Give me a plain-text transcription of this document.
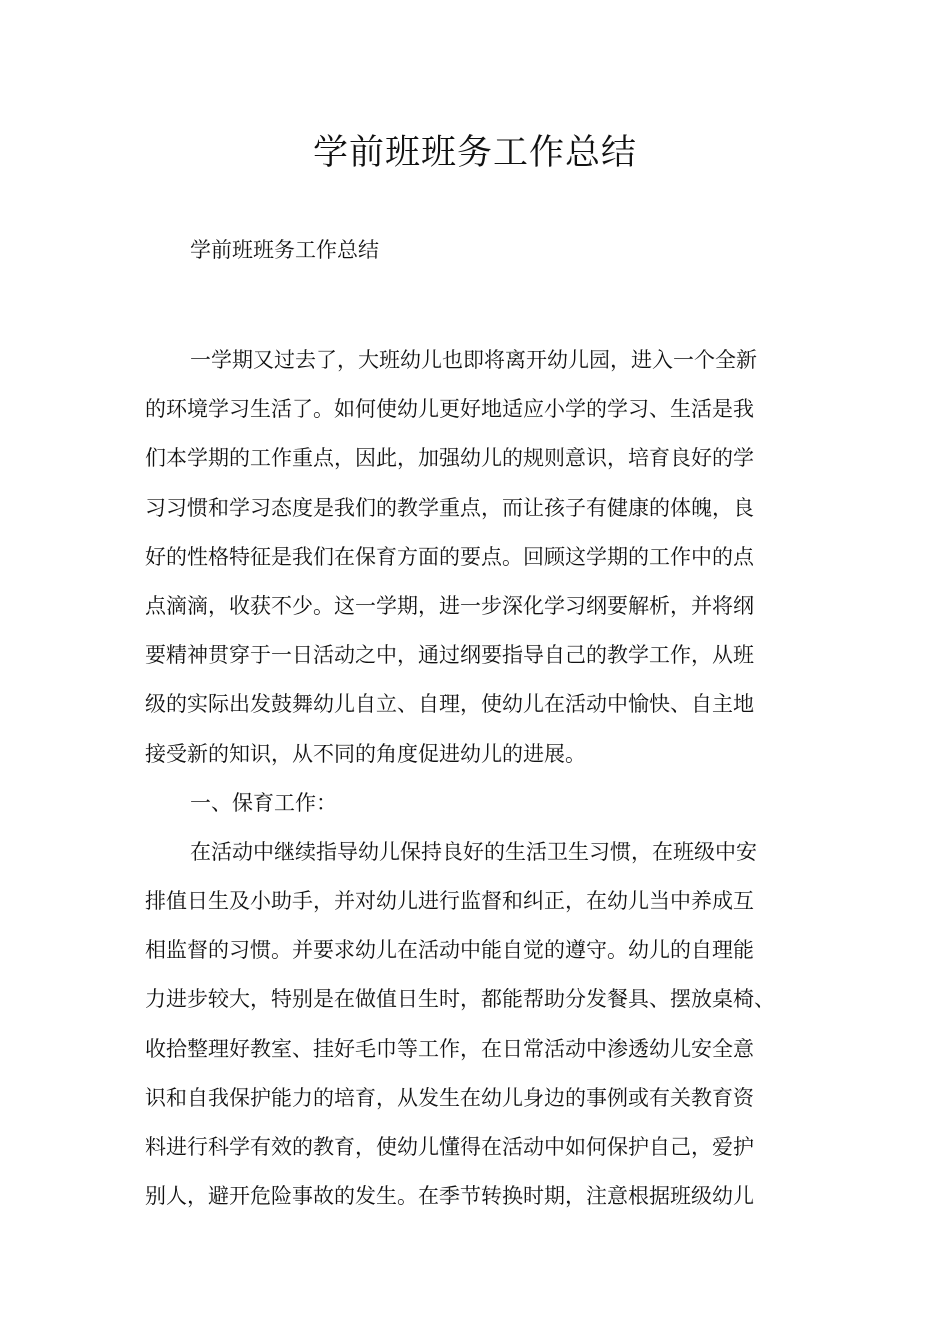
学前班班务工作总结

学前班班务工作总结

一学期又过去了，大班幼儿也即将离开幼儿园，进入一个全新
的环境学习生活了。如何使幼儿更好地适应小学的学习、生活是我
们本学期的工作重点，因此，加强幼儿的规则意识，培育良好的学
习习惯和学习态度是我们的教学重点，而让孩子有健康的体魄，良
好的性格特征是我们在保育方面的要点。回顾这学期的工作中的点
点滴滴，收获不少。这一学期，进一步深化学习纲要解析，并将纲
要精神贯穿于一日活动之中，通过纲要指导自己的教学工作，从班
级的实际出发鼓舞幼儿自立、自理，使幼儿在活动中愉快、自主地
接受新的知识，从不同的角度促进幼儿的进展。
一、保育工作：
在活动中继续指导幼儿保持良好的生活卫生习惯，在班级中安
排值日生及小助手，并对幼儿进行监督和纠正，在幼儿当中养成互
相监督的习惯。并要求幼儿在活动中能自觉的遵守。幼儿的自理能
力进步较大，特别是在做值日生时，都能帮助分发餐具、摆放桌椅、
收拾整理好教室、挂好毛巾等工作，在日常活动中渗透幼儿安全意
识和自我保护能力的培育，从发生在幼儿身边的事例或有关教育资
料进行科学有效的教育，使幼儿懂得在活动中如何保护自己，爱护
别人，避开危险事故的发生。在季节转换时期，注意根据班级幼儿
